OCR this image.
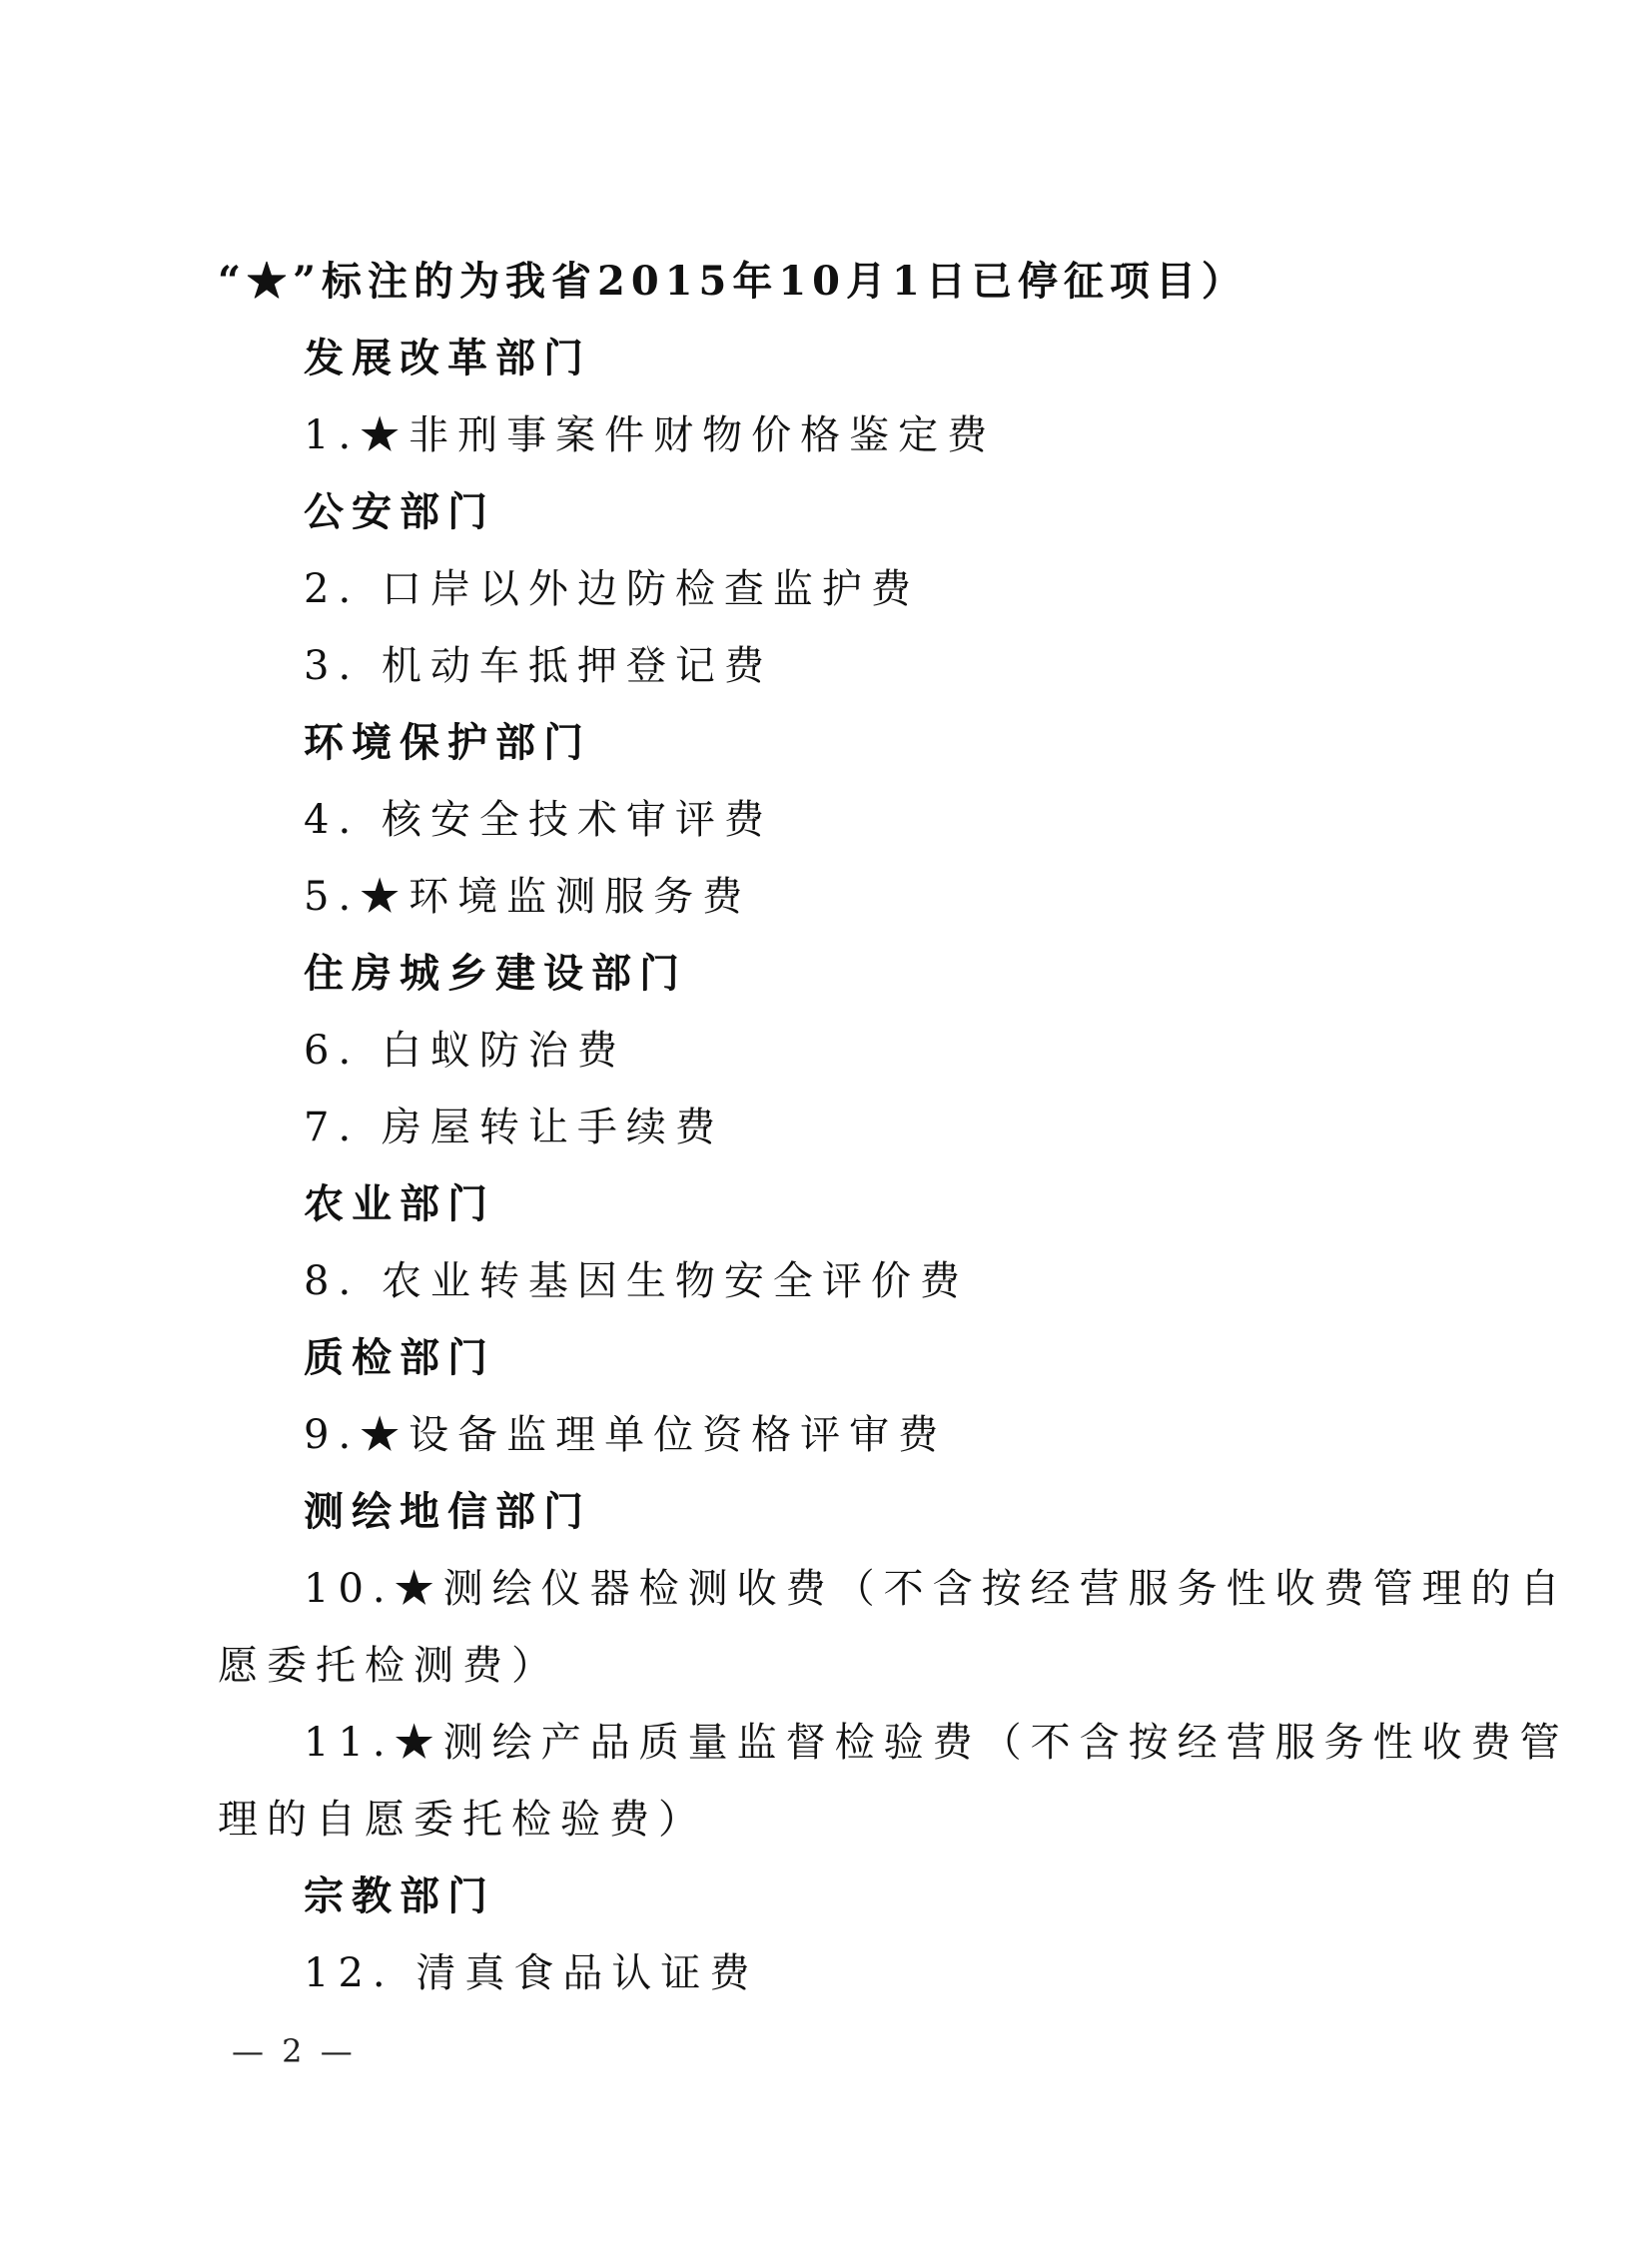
“★”标注的为我省2015年10月1日已停征项目）
发展改革部门
1.★非刑事案件财物价格鉴定费
公安部门
2. 口岸以外边防检查监护费
3. 机动车抵押登记费
环境保护部门
4. 核安全技术审评费
5.★环境监测服务费
住房城乡建设部门
6. 白蚁防治费
7. 房屋转让手续费
农业部门
8. 农业转基因生物安全评价费
质检部门
9.★设备监理单位资格评审费
测绘地信部门
10.★测绘仪器检测收费（不含按经营服务性收费管理的自
愿委托检测费）
11.★测绘产品质量监督检验费（不含按经营服务性收费管
理的自愿委托检验费）
宗教部门
12. 清真食品认证费
— 2 —
